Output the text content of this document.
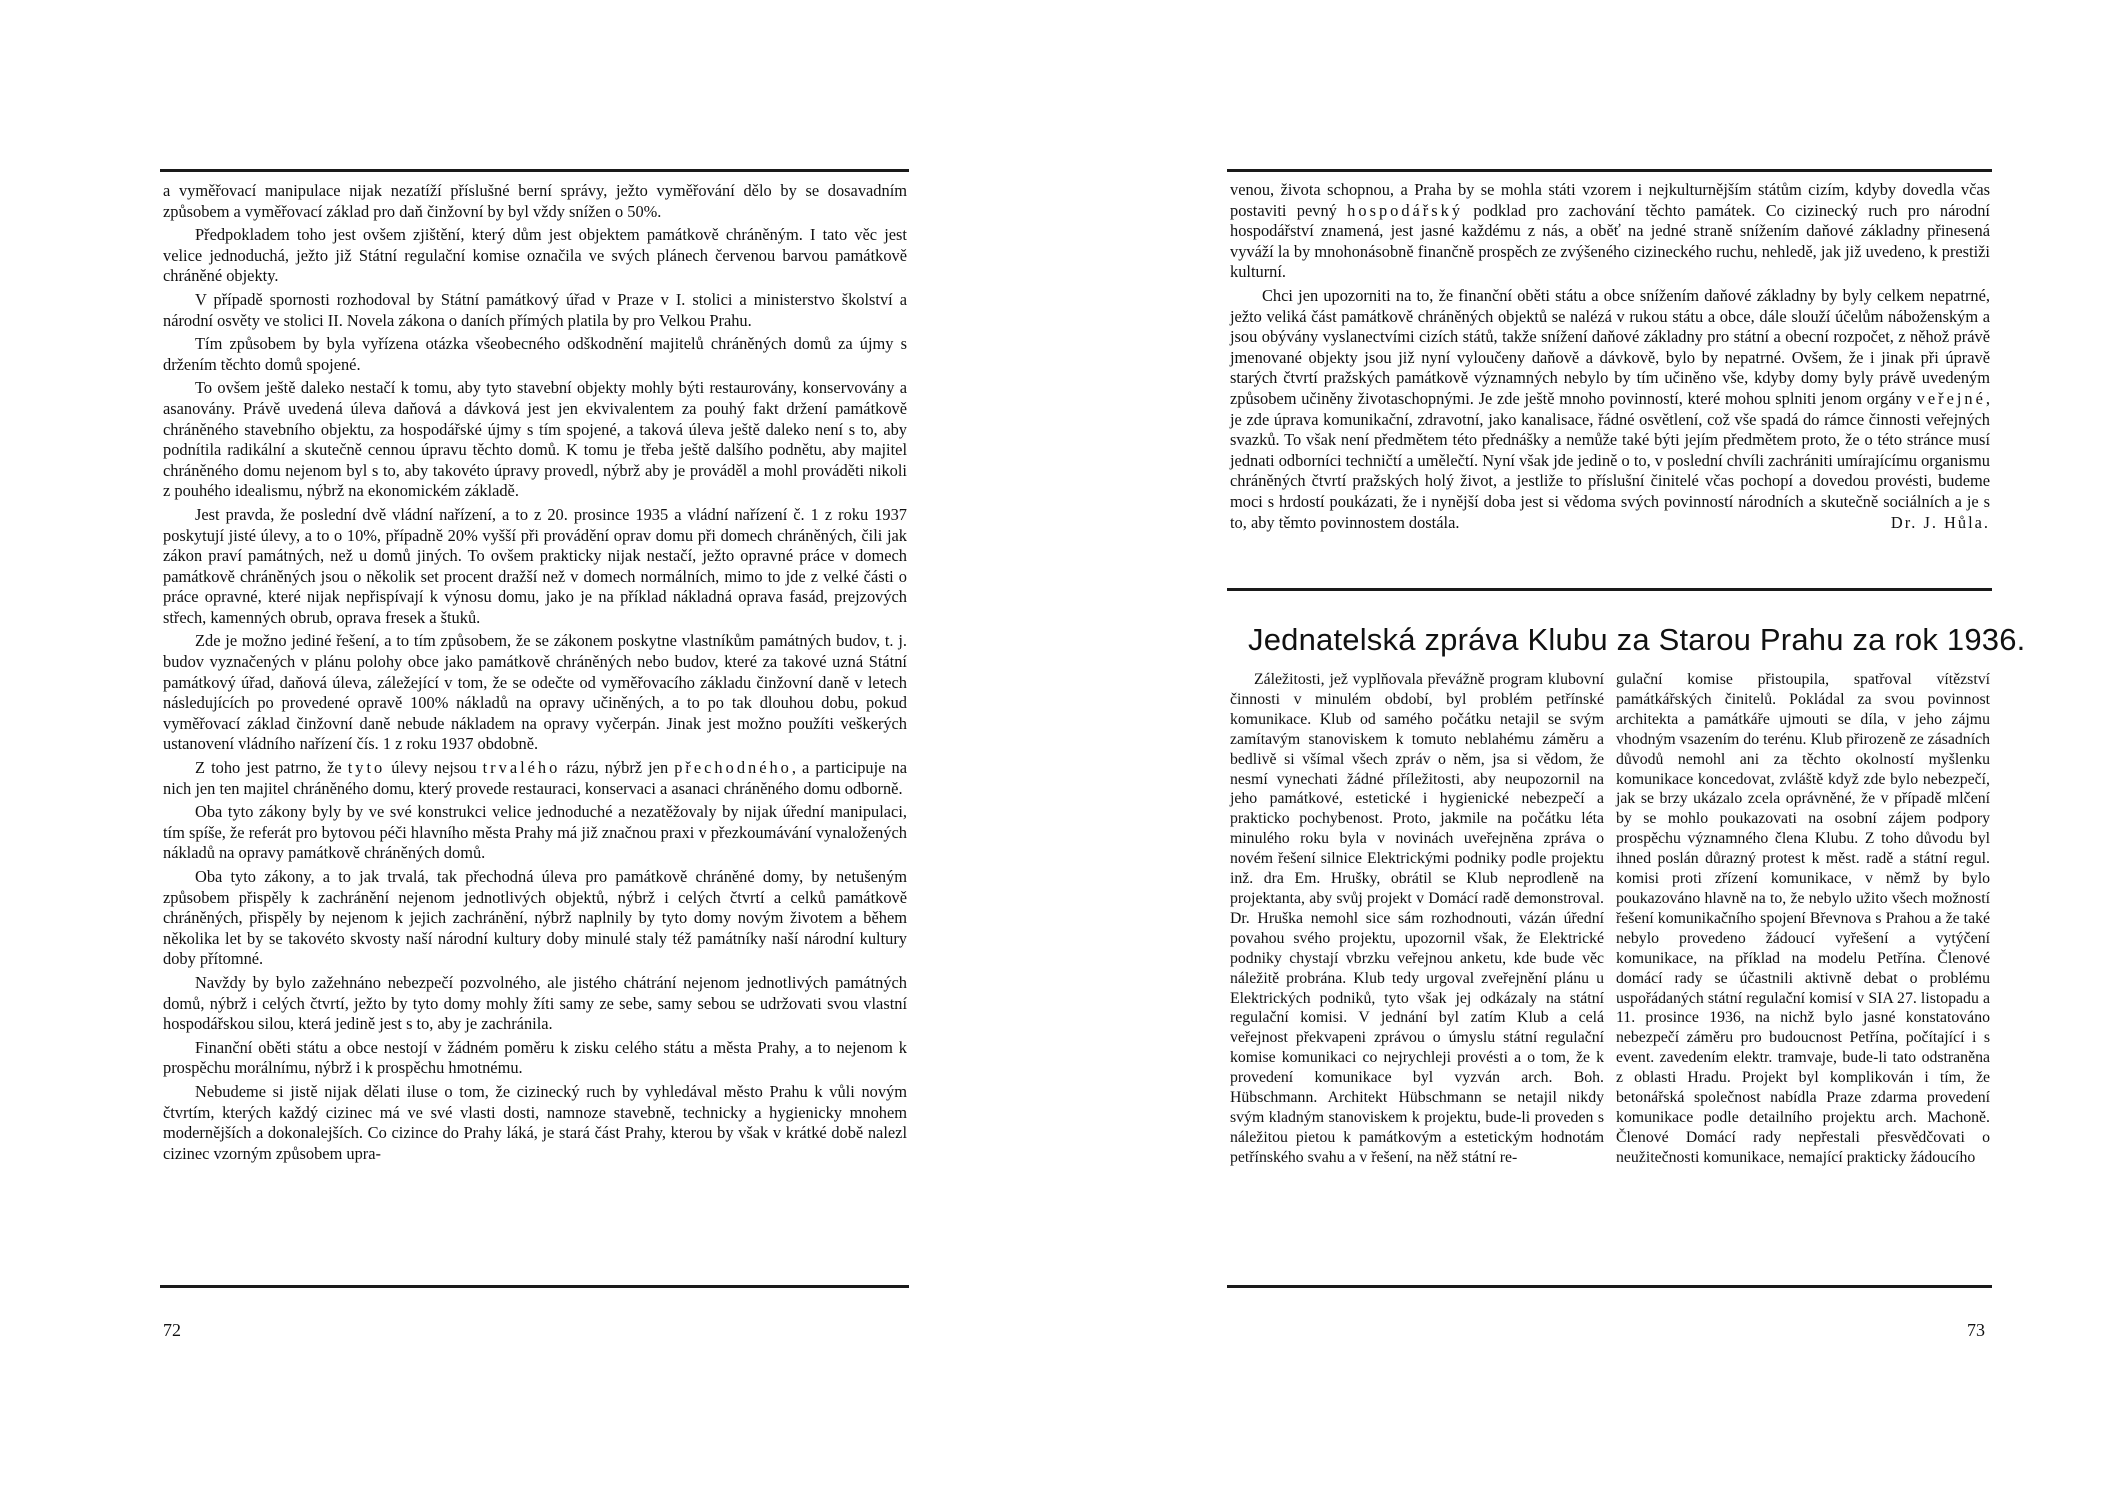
a vyměřovací manipulace nijak nezatíží příslušné berní správy, ježto vyměřování dělo by se dosavadním způsobem a vyměřovací základ pro daň činžovní by byl vždy snížen o 50%.

Předpokladem toho jest ovšem zjištění, který dům jest objektem památkově chráněným. I tato věc jest velice jednoduchá, ježto již Státní regulační komise označila ve svých plánech červenou barvou památkově chráněné objekty.

V případě spornosti rozhodoval by Státní památkový úřad v Praze v I. stolici a ministerstvo školství a národní osvěty ve stolici II. Novela zákona o daních přímých platila by pro Velkou Prahu.

Tím způsobem by byla vyřízena otázka všeobecného odškodnění majitelů chráněných domů za újmy s držením těchto domů spojené.

To ovšem ještě daleko nestačí k tomu, aby tyto stavební objekty mohly býti restaurovány, konservovány a asanovány. Právě uvedená úleva daňová a dávková jest jen ekvivalentem za pouhý fakt držení památkově chráněného stavebního objektu, za hospodářské újmy s tím spojené, a taková úleva ještě daleko není s to, aby podnítila radikální a skutečně cennou úpravu těchto domů. K tomu je třeba ještě dalšího podnětu, aby majitel chráněného domu nejenom byl s to, aby takovéto úpravy provedl, nýbrž aby je prováděl a mohl prováděti nikoli z pouhého idealismu, nýbrž na ekonomickém základě.

Jest pravda, že poslední dvě vládní nařízení, a to z 20. prosince 1935 a vládní nařízení č. 1 z roku 1937 poskytují jisté úlevy, a to o 10%, případně 20% vyšší při provádění oprav domu při domech chráněných, čili jak zákon praví památných, než u domů jiných. To ovšem prakticky nijak nestačí, ježto opravné práce v domech památkově chráněných jsou o několik set procent dražší než v domech normálních, mimo to jde z velké části o práce opravné, které nijak nepřispívají k výnosu domu, jako je na příklad nákladná oprava fasád, prejzových střech, kamenných obrub, oprava fresek a štuků.

Zde je možno jediné řešení, a to tím způsobem, že se zákonem poskytne vlastníkům památných budov, t. j. budov vyznačených v plánu polohy obce jako památkově chráněných nebo budov, které za takové uzná Státní památkový úřad, daňová úleva, záležející v tom, že se odečte od vyměřovacího základu činžovní daně v letech následujících po provedené opravě 100% nákladů na opravy učiněných, a to po tak dlouhou dobu, pokud vyměřovací základ činžovní daně nebude nákladem na opravy vyčerpán. Jinak jest možno použíti veškerých ustanovení vládního nařízení čís. 1 z roku 1937 obdobně.

Z toho jest patrno, že tyto úlevy nejsou trvalého rázu, nýbrž jen přechodného, a participuje na nich jen ten majitel chráněného domu, který provede restauraci, konservaci a asanaci chráněného domu odborně.

Oba tyto zákony byly by ve své konstrukci velice jednoduché a nezatěžovaly by nijak úřední manipulaci, tím spíše, že referát pro bytovou péči hlavního města Prahy má již značnou praxi v přezkoumávání vynaložených nákladů na opravy památkově chráněných domů.

Oba tyto zákony, a to jak trvalá, tak přechodná úleva pro památkově chráněné domy, by netušeným způsobem přispěly k zachránění nejenom jednotlivých objektů, nýbrž i celých čtvrtí a celků památkově chráněných, přispěly by nejenom k jejich zachránění, nýbrž naplnily by tyto domy novým životem a během několika let by se takovéto skvosty naší národní kultury doby minulé staly též památníky naší národní kultury doby přítomné.

Navždy by bylo zažehnáno nebezpečí pozvolného, ale jistého chátrání nejenom jednotlivých památných domů, nýbrž i celých čtvrtí, ježto by tyto domy mohly žíti samy ze sebe, samy sebou se udržovati svou vlastní hospodářskou silou, která jedině jest s to, aby je zachránila.

Finanční oběti státu a obce nestojí v žádném poměru k zisku celého státu a města Prahy, a to nejenom k prospěchu morálnímu, nýbrž i k prospěchu hmotnému.

Nebudeme si jistě nijak dělati iluse o tom, že cizinecký ruch by vyhledával město Prahu k vůli novým čtvrtím, kterých každý cizinec má ve své vlasti dosti, namnoze stavebně, technicky a hygienicky mnohem modernějších a dokonalejších. Co cizince do Prahy láká, je stará část Prahy, kterou by však v krátké době nalezl cizinec vzorným způsobem upra-

72

venou, života schopnou, a Praha by se mohla státi vzorem i nejkulturnějším státům cizím, kdyby dovedla včas postaviti pevný hospodářský podklad pro zachování těchto památek. Co cizinecký ruch pro národní hospodářství znamená, jest jasné každému z nás, a oběť na jedné straně snížením daňové základny přinesená vyváží la by mnohonásobně finančně prospěch ze zvýšeného cizineckého ruchu, nehledě, jak již uvedeno, k prestiži kulturní.

Chci jen upozorniti na to, že finanční oběti státu a obce snížením daňové základny by byly celkem nepatrné, ježto veliká část památkově chráněných objektů se nalézá v rukou státu a obce, dále slouží účelům náboženským a jsou obývány vyslanectvími cizích států, takže snížení daňové základny pro státní a obecní rozpočet, z něhož právě jmenované objekty jsou již nyní vyloučeny daňově a dávkově, bylo by nepatrné. Ovšem, že i jinak při úpravě starých čtvrtí pražských památkově významných nebylo by tím učiněno vše, kdyby domy byly právě uvedeným způsobem učiněny životaschopnými. Je zde ještě mnoho povinností, které mohou splniti jenom orgány veřejné, je zde úprava komunikační, zdravotní, jako kanalisace, řádné osvětlení, což vše spadá do rámce činnosti veřejných svazků. To však není předmětem této přednášky a nemůže také býti jejím předmětem proto, že o této stránce musí jednati odborníci techničtí a umělečtí. Nyní však jde jedině o to, v poslední chvíli zachrániti umírajícímu organismu chráněných čtvrtí pražských holý život, a jestliže to příslušní činitelé včas pochopí a dovedou provésti, budeme moci s hrdostí poukázati, že i nynější doba jest si vědoma svých povinností národních a skutečně sociálních a je s to, aby těmto povinnostem dostála.	Dr. J. Hůla.

Jednatelská zpráva Klubu za Starou Prahu za rok 1936.

Záležitosti, jež vyplňovala převážně program klubovní činnosti v minulém období, byl problém petřínské komunikace. Klub od samého počátku netajil se svým zamítavým stanoviskem k tomuto neblahému záměru a bedlivě si všímal všech zpráv o něm, jsa si vědom, že nesmí vynechati žádné příležitosti, aby neupozornil na jeho památkové, estetické i hygienické nebezpečí a prakticko pochybenost. Proto, jakmile na počátku léta minulého roku byla v novinách uveřejněna zpráva o novém řešení silnice Elektrickými podniky podle projektu inž. dra Em. Hrušky, obrátil se Klub neprodleně na projektanta, aby svůj projekt v Domácí radě demonstroval. Dr. Hruška nemohl sice sám rozhodnouti, vázán úřední povahou svého projektu, upozornil však, že Elektrické podniky chystají vbrzku veřejnou anketu, kde bude věc náležitě probrána. Klub tedy urgoval zveřejnění plánu u Elektrických podniků, tyto však jej odkázaly na státní regulační komisi. V jednání byl zatím Klub a celá veřejnost překvapeni zprávou o úmyslu státní regulační komise komunikaci co nejrychleji provésti a o tom, že k provedení komunikace byl vyzván arch. Boh. Hübschmann. Architekt Hübschmann se netajil nikdy svým kladným stanoviskem k projektu, bude-li proveden s náležitou pietou k památkovým a estetickým hodnotám petřínského svahu a v řešení, na něž státní re-

gulační komise přistoupila, spatřoval vítězství památkářských činitelů. Pokládal za svou povinnost architekta a památkáře ujmouti se díla, v jeho zájmu vhodným vsazením do terénu. Klub přirozeně ze zásadních důvodů nemohl ani za těchto okolností myšlenku komunikace koncedovat, zvláště když zde bylo nebezpečí, jak se brzy ukázalo zcela oprávněné, že v případě mlčení by se mohlo poukazovati na osobní zájem podpory prospěchu významného člena Klubu. Z toho důvodu byl ihned poslán důrazný protest k měst. radě a státní regul. komisi proti zřízení komunikace, v němž by bylo poukazováno hlavně na to, že nebylo užito všech možností řešení komunikačního spojení Břevnova s Prahou a že také nebylo provedeno žádoucí vyřešení a vytýčení komunikace, na příklad na modelu Petřína. Členové domácí rady se účastnili aktivně debat o problému uspořádaných státní regulační komisí v SIA 27. listopadu a 11. prosince 1936, na nichž bylo jasné konstatováno nebezpečí záměru pro budoucnost Petřína, počítající i s event. zavedením elektr. tramvaje, bude-li tato odstraněna z oblasti Hradu. Projekt byl komplikován i tím, že betonářská společnost nabídla Praze zdarma provedení komunikace podle detailního projektu arch. Machoně. Členové Domácí rady nepřestali přesvědčovati o neužitečnosti komunikace, nemající prakticky žádoucího

73
